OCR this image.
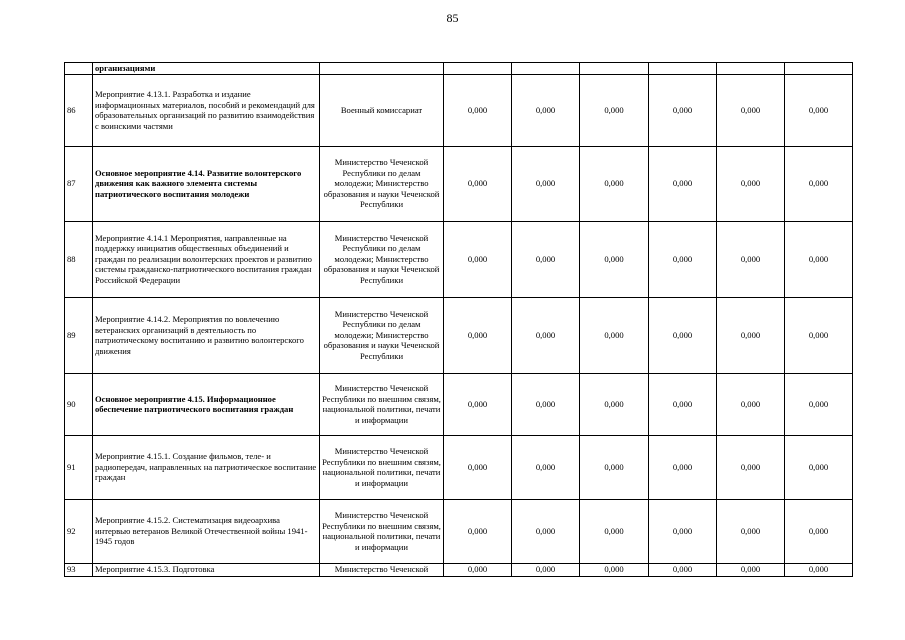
85
	организациями							
86	Мероприятие 4.13.1. Разработка и издание информационных материалов, пособий и рекомендаций для образовательных организаций по развитию взаимодействия с воинскими частями	Военный комиссариат	0,000	0,000	0,000	0,000	0,000	0,000
87	Основное мероприятие 4.14. Развитие волонтерского движения как важного элемента системы патриотического воспитания молодежи	Министерство Чеченской Республики по делам молодежи; Министерство образования и науки Чеченской Республики	0,000	0,000	0,000	0,000	0,000	0,000
88	Мероприятие 4.14.1 Мероприятия, направленные на поддержку инициатив общественных объединений и граждан по реализации волонтерских проектов и развитию системы гражданско-патриотического воспитания граждан Российской Федерации	Министерство Чеченской Республики по делам молодежи; Министерство образования и науки Чеченской Республики	0,000	0,000	0,000	0,000	0,000	0,000
89	Мероприятие 4.14.2. Мероприятия по вовлечению ветеранских организаций в деятельность по патриотическому воспитанию и развитию волонтерского движения	Министерство Чеченской Республики по делам молодежи; Министерство образования и науки Чеченской Республики	0,000	0,000	0,000	0,000	0,000	0,000
90	Основное мероприятие 4.15. Информационное обеспечение патриотического воспитания граждан	Министерство Чеченской Республики по внешним связям, национальной политики, печати и информации	0,000	0,000	0,000	0,000	0,000	0,000
91	Мероприятие 4.15.1. Создание фильмов, теле- и радиопередач, направленных на патриотическое воспитание граждан	Министерство Чеченской Республики по внешним связям, национальной политики, печати и информации	0,000	0,000	0,000	0,000	0,000	0,000
92	Мероприятие 4.15.2. Систематизация видеоархива интервью ветеранов Великой Отечественной войны 1941-1945 годов	Министерство Чеченской Республики по внешним связям, национальной политики, печати и информации	0,000	0,000	0,000	0,000	0,000	0,000
93	Мероприятие 4.15.3. Подготовка	Министерство Чеченской	0,000	0,000	0,000	0,000	0,000	0,000
